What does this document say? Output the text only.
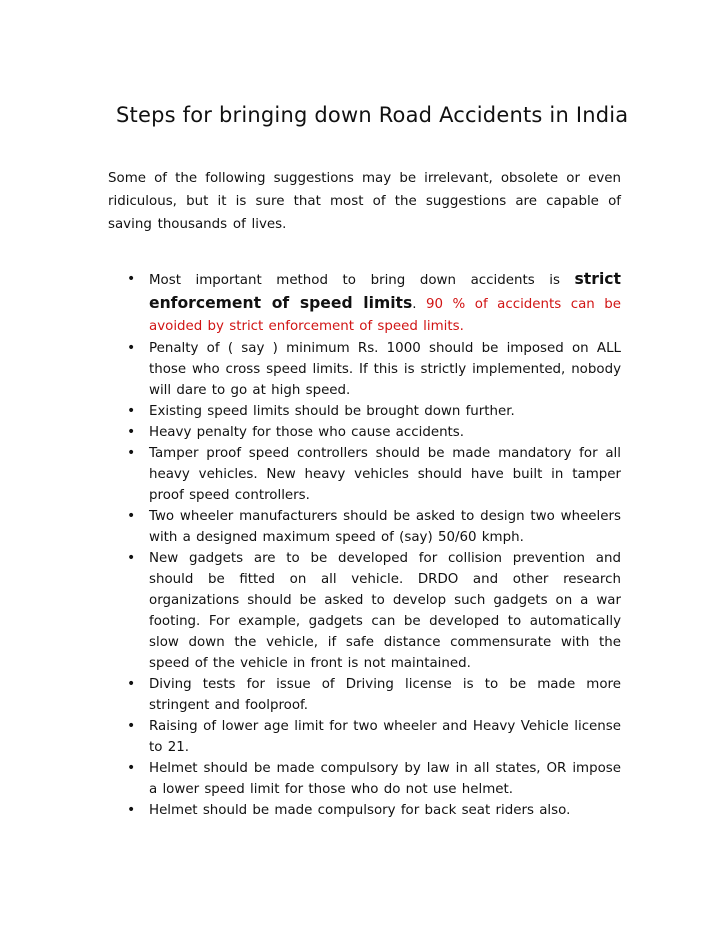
Steps for bringing down Road Accidents in India

Some of the following suggestions may be irrelevant, obsolete or even ridiculous, but it is sure that most of the suggestions are capable of saving thousands of lives.

• Most important method to bring down accidents is strict enforcement of speed limits. 90 % of accidents can be avoided by strict enforcement of speed limits.
• Penalty of ( say ) minimum Rs. 1000 should be imposed on ALL those who cross speed limits. If this is strictly implemented, nobody will dare to go at high speed.
• Existing speed limits should be brought down further.
• Heavy penalty for those who cause accidents.
• Tamper proof speed controllers should be made mandatory for all heavy vehicles. New heavy vehicles should have built in tamper proof speed controllers.
• Two wheeler manufacturers should be asked to design two wheelers with a designed maximum speed of (say) 50/60 kmph.
• New gadgets are to be developed for collision prevention and should be fitted on all vehicle. DRDO and other research organizations should be asked to develop such gadgets on a war footing. For example, gadgets can be developed to automatically slow down the vehicle, if safe distance commensurate with the speed of the vehicle in front is not maintained.
• Diving tests for issue of Driving license is to be made more stringent and foolproof.
• Raising of lower age limit for two wheeler and Heavy Vehicle license to 21.
• Helmet should be made compulsory by law in all states, OR impose a lower speed limit for those who do not use helmet.
• Helmet should be made compulsory for back seat riders also.
